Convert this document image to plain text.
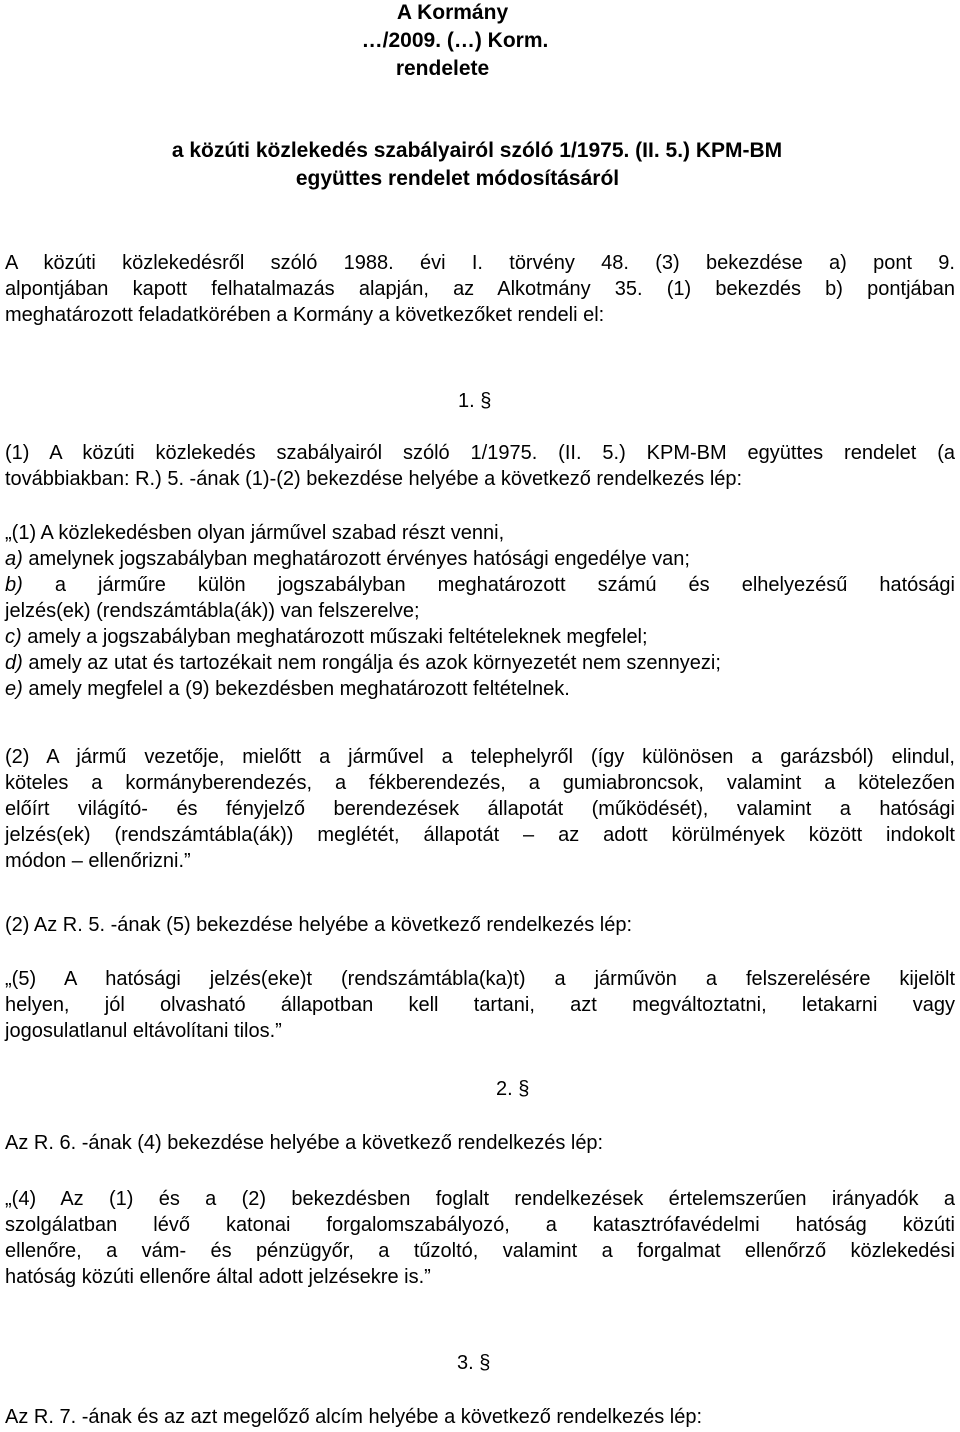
A Kormány

…/2009. (…) Korm.

rendelete

a közúti közlekedés szabályairól szóló 1/1975. (II. 5.) KPM-BM

együttes rendelet módosításáról

A közúti közlekedésről szóló 1988. évi I. törvény 48. (3) bekezdése a) pont 9.

alpontjában kapott felhatalmazás alapján, az Alkotmány 35. (1) bekezdés b) pontjában

meghatározott feladatkörében a Kormány a következőket rendeli el:

1. §

(1) A közúti közlekedés szabályairól szóló 1/1975. (II. 5.) KPM-BM együttes rendelet (a

továbbiakban: R.) 5. -ának (1)-(2) bekezdése helyébe a következő rendelkezés lép:

„(1) A közlekedésben olyan járművel szabad részt venni,

a) amelynek jogszabályban meghatározott érvényes hatósági engedélye van;

b) a járműre külön jogszabályban meghatározott számú és elhelyezésű hatósági

jelzés(ek) (rendszámtábla(ák)) van felszerelve;

c) amely a jogszabályban meghatározott műszaki feltételeknek megfelel;

d) amely az utat és tartozékait nem rongálja és azok környezetét nem szennyezi;

e) amely megfelel a (9) bekezdésben meghatározott feltételnek.

(2) A jármű vezetője, mielőtt a járművel a telephelyről (így különösen a garázsból) elindul,

köteles a kormányberendezés, a fékberendezés, a gumiabroncsok, valamint a kötelezően

előírt világító- és fényjelző berendezések állapotát (működését), valamint a hatósági

jelzés(ek) (rendszámtábla(ák)) meglétét, állapotát – az adott körülmények között indokolt

módon – ellenőrizni.”

(2) Az R. 5. -ának (5) bekezdése helyébe a következő rendelkezés lép:

„(5) A hatósági jelzés(eke)t (rendszámtábla(ka)t) a járművön a felszerelésére kijelölt

helyen, jól olvasható állapotban kell tartani, azt megváltoztatni, letakarni vagy

jogosulatlanul eltávolítani tilos.”

2. §

Az R. 6. -ának (4) bekezdése helyébe a következő rendelkezés lép:

„(4) Az (1) és a (2) bekezdésben foglalt rendelkezések értelemszerűen irányadók a

szolgálatban lévő katonai forgalomszabályozó, a katasztrófavédelmi hatóság közúti

ellenőre, a vám- és pénzügyőr, a tűzoltó, valamint a forgalmat ellenőrző közlekedési

hatóság közúti ellenőre által adott jelzésekre is.”

3. §

Az R. 7. -ának és az azt megelőző alcím helyébe a következő rendelkezés lép:
